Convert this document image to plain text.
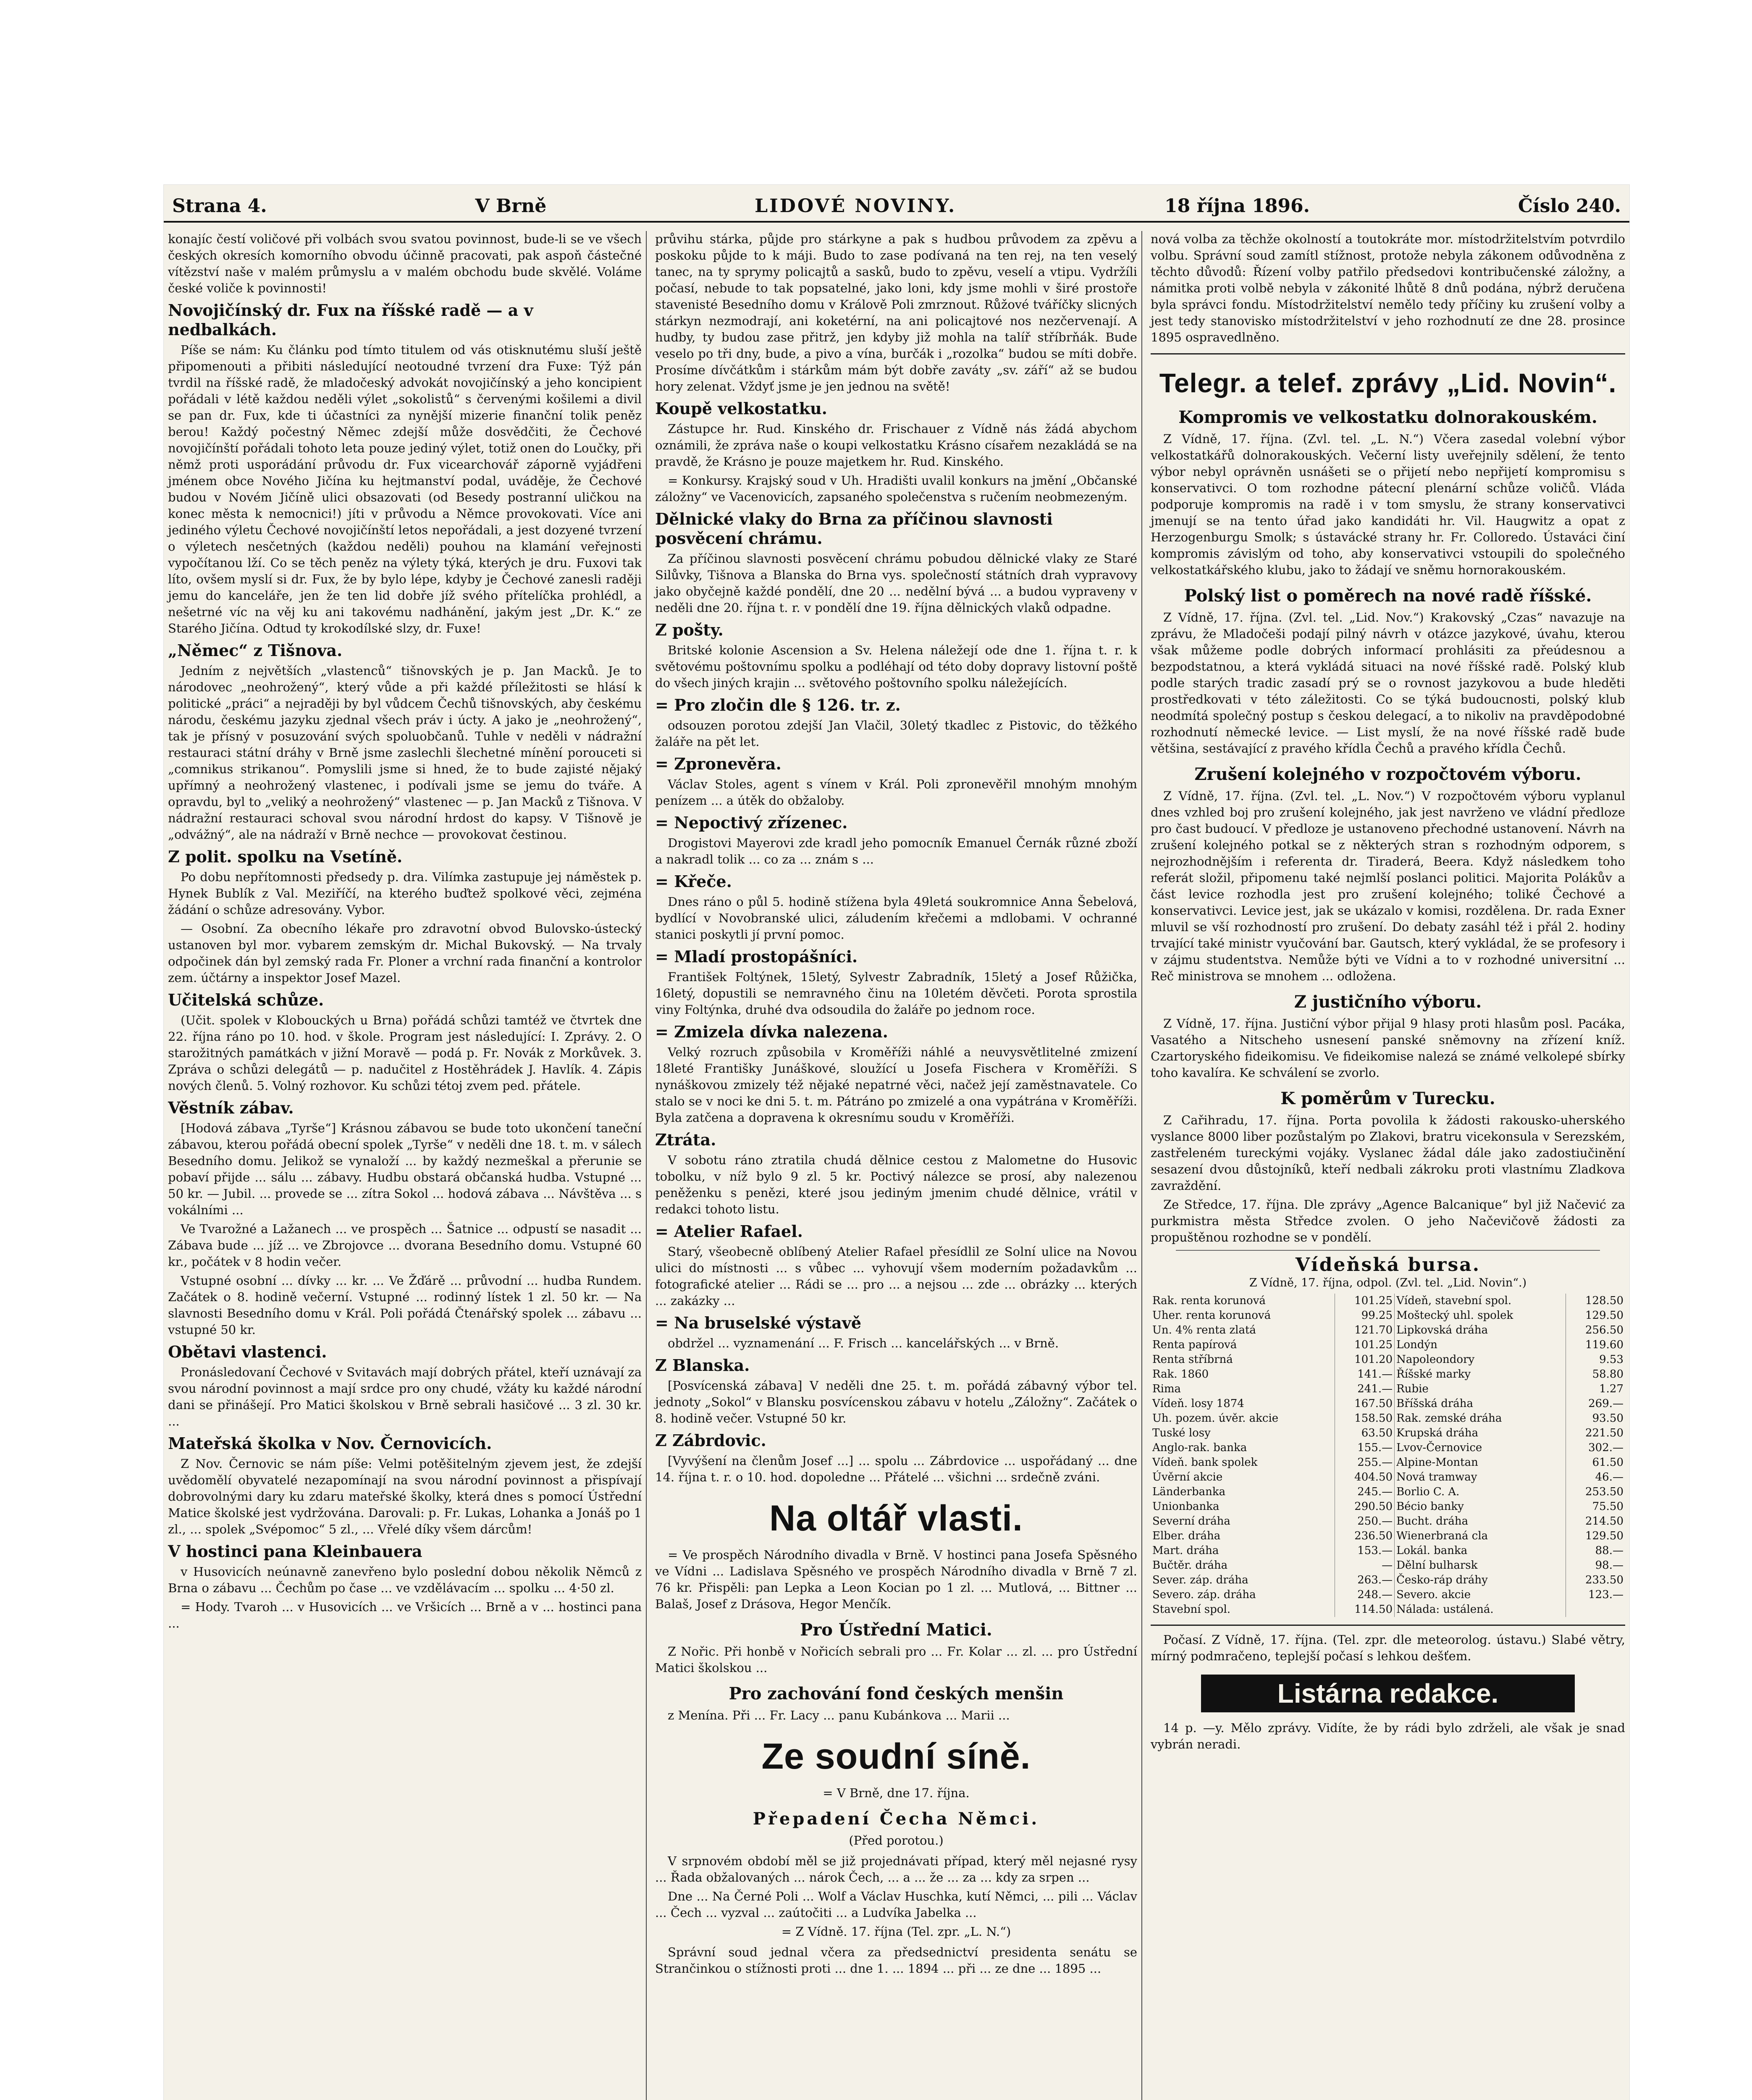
Strana 4.	V Brně	LIDOVÉ NOVINY.	18 října 1896.	Číslo 240.

konajíc čestí voličové při volbách svou svatou povinnost, bude-li se ve všech českých okresích komorního obvodu účinně pracovati, pak aspoň částečné vítězství naše v malém průmyslu a v malém obchodu bude skvělé. Voláme české voliče k povinnosti!

Novojičínský dr. Fux na říšské radě — a v nedbalkách.

Píše se nám: Ku článku pod tímto titulem od vás otisknutému sluší ještě připomenouti a přibiti následující neotoudné tvrzení dra Fuxe: Týž pán tvrdil na říšské radě, že mladočeský advokát novojičínský a jeho koncipient pořádali v létě každou neděli výlet „sokolistů“ s červenými košilemi a divil se pan dr. Fux, kde ti účastníci za nynější mizerie finanční tolik peněz berou! Každý počestný Němec zdejší může dosvědčiti, že Čechové novojičínští pořádali tohoto leta pouze jediný výlet, totiž onen do Loučky, při němž proti usporádání průvodu dr. Fux vicearchovář záporně vyjádřeni jménem obce Nového Jičína ku hejtmanství podal, uváděje, že Čechové budou v Novém Jičíně ulici obsazovati (od Besedy postranní uličkou na konec města k nemocnici!) jíti v průvodu a Němce provokovati. Více ani jediného výletu Čechové novojičínští letos nepořádali, a jest dozyené tvrzení o výletech nesčetných (každou neděli) pouhou na klamání veřejnosti vypočítanou lží. Co se těch peněz na výlety týká, kterých je dru. Fuxovi tak líto, ovšem myslí si dr. Fux, že by bylo lépe, kdyby je Čechové zanesli raději jemu do kanceláře, jen že ten lid dobře jíž svého přítelíčka prohlédl, a nešetrné víc na věj ku ani takovému nadhánění, jakým jest „Dr. K.“ ze Starého Jičína. Odtud ty krokodílské slzy, dr. Fuxe!

„Němec“ z Tišnova.

Jedním z největších „vlastenců“ tišnovských je p. Jan Macků. Je to národovec „neohrožený“, který vůde a při každé příležitosti se hlásí k politické „práci“ a nejraději by byl vůdcem Čechů tišnovských, aby českému národu, českému jazyku zjednal všech práv i úcty. A jako je „neohrožený“, tak je přísný v posuzování svých spoluobčanů. Tuhle v neděli v nádražní restauraci státní dráhy v Brně jsme zaslechli šlechetné mínění porouceti si „comnikus strikanou“. Pomyslili jsme si hned, že to bude zajisté nějaký upřímný a neohrožený vlastenec, i podívali jsme se jemu do tváře. A opravdu, byl to „veliký a neohrožený“ vlastenec — p. Jan Macků z Tišnova. V nádražní restauraci schoval svou národní hrdost do kapsy. V Tišnově je „odvážný“, ale na nádraží v Brně nechce — provokovat čestinou.

Z polit. spolku na Vsetíně.

Po dobu nepřítomnosti předsedy p. dra. Vilímka zastupuje jej náměstek p. Hynek Bublík z Val. Meziříčí, na kterého buďtež spolkové věci, zejména žádání o schůze adresovány. Vybor.

— Osobní. Za obecního lékaře pro zdravotní obvod Bulovsko-ústecký ustanoven byl mor. vybarem zemským dr. Michal Bukovský. — Na trvaly odpočinek dán byl zemský rada Fr. Ploner a vrchní rada finanční a kontrolor zem. účtárny a inspektor Josef Mazel.

Učitelská schůze.

(Učit. spolek v Klobouckých u Brna) pořádá schůzi tamtéž ve čtvrtek dne 22. října ráno po 10. hod. v škole. Program jest následující: I. Zprávy. 2. O starožitných památkách v jižní Moravě — podá p. Fr. Novák z Morkůvek. 3. Zpráva o schůzi delegátů — p. nadučitel z Hostěhrádek J. Havlík. 4. Zápis nových členů. 5. Volný rozhovor. Ku schůzi tétoj zvem ped. přátele.

Věstník zábav.

[Hodová zábava „Tyrše“] Krásnou zábavou se bude toto ukončení taneční zábavou, kterou pořádá obecní spolek „Tyrše“ v neděli dne 18. t. m. v sálech Besedního domu. Jelikož se vynaloží ... by každý nezmeškal a přerunie se pobaví přijde ... sálu ... zábavy. Hudbu obstará občanská hudba. Vstupné ... 50 kr. — Jubil. ... provede se ... zítra Sokol ... hodová zábava ... Návštěva ... s vokálními ...

Ve Tvarožné a Lažanech ... ve prospěch ... Šatnice ... odpustí se nasadit ... Zábava bude ... jíž ... ve Zbrojovce ... dvorana Besedního domu. Vstupné 60 kr., počátek v 8 hodin večer.

Vstupné osobní ... dívky ... kr. ... Ve Žďárě ... průvodní ... hudba Rundem. Začátek o 8. hodině večerní. Vstupné ... rodinný lístek 1 zl. 50 kr. — Na slavnosti Besedního domu v Král. Poli pořádá Čtenářský spolek ... zábavu ... vstupné 50 kr.

Obětavi vlastenci.

Pronásledovaní Čechové v Svitavách mají dobrých přátel, kteří uznávají za svou národní povinnost a mají srdce pro ony chudé, vžáty ku každé národní dani se přinášejí. Pro Matici školskou v Brně sebrali hasičové ... 3 zl. 30 kr. ...

Mateřská školka v Nov. Černovicích.

Z Nov. Černovic se nám píše: Velmi potěšitelným zjevem jest, že zdejší uvědomělí obyvatelé nezapomínají na svou národní povinnost a přispívají dobrovolnými dary ku zdaru mateřské školky, která dnes s pomocí Ústřední Matice školské jest vydržována. Darovali: p. Fr. Lukas, Lohanka a Jonáš po 1 zl., ... spolek „Svépomoc“ 5 zl., ... Vřelé díky všem dárcům!

V hostinci pana Kleinbauera

v Husovicích neúnavně zanevřeno bylo poslední dobou několik Němců z Brna o zábavu ... Čechům po čase ... ve vzdělávacím ... spolku ... 4·50 zl.

= Hody. Tvaroh ... v Husovicích ... ve Vršicích ... Brně a v ... hostinci pana ...

průvihu stárka, půjde pro stárkyne a pak s hudbou průvodem za zpěvu a poskoku půjde to k máji. Budo to zase podívaná na ten rej, na ten veselý tanec, na ty sprymy policajtů a sasků, budo to zpěvu, veselí a vtipu. Vydržíli počasí, nebude to tak popsatelné, jako loni, kdy jsme mohli v širé prostoře stavenisté Besedního domu v Králově Poli zmrznout. Růžové tváříčky slicných stárkyn nezmodrají, ani koketérní, na ani policajtové nos nezčervenají. A hudby, ty budou zase přitrž, jen kdyby již mohla na talíř stříbrňák. Bude veselo po tři dny, bude, a pivo a vína, burčák i „rozolka“ budou se míti dobře. Prosíme dívčátkům i stárkům mám být dobře zaváty „sv. září“ až se budou hory zelenat. Vždyť jsme je jen jednou na světě!

Koupě velkostatku.

Zástupce hr. Rud. Kinského dr. Frischauer z Vídně nás žádá abychom oznámili, že zpráva naše o koupi velkostatku Krásno císařem nezakládá se na pravdě, že Krásno je pouze majetkem hr. Rud. Kinského.

= Konkursy. Krajský soud v Uh. Hradišti uvalil konkurs na jmění „Občanské záložny“ ve Vacenovicích, zapsaného společenstva s ručením neobmezeným.

Dělnické vlaky do Brna za příčinou slavnosti posvěcení chrámu.

Za příčinou slavnosti posvěcení chrámu pobudou dělnické vlaky ze Staré Silůvky, Tišnova a Blanska do Brna vys. společností státních drah vypravovy jako obyčejně každé pondělí, dne 20 ... nedělní bývá ... a budou vypraveny v neděli dne 20. října t. r. v pondělí dne 19. října dělnických vlaků odpadne.

Z pošty.

Britské kolonie Ascension a Sv. Helena náležejí ode dne 1. října t. r. k světovému poštovnímu spolku a podléhají od této doby dopravy listovní poště do všech jiných krajin ... světového poštovního spolku náležejících.

= Pro zločin dle § 126. tr. z.

odsouzen porotou zdejší Jan Vlačil, 30letý tkadlec z Pistovic, do těžkého žaláře na pět let.

= Zpronevěra.

Václav Stoles, agent s vínem v Král. Poli zpronevěřil mnohým mnohým penízem ... a útěk do obžaloby.

= Nepoctivý zřízenec.

Drogistovi Mayerovi zde kradl jeho pomocník Emanuel Černák různé zboží a nakradl tolik ... co za ... znám s ...

= Křeče.

Dnes ráno o půl 5. hodině stížena byla 49letá soukromnice Anna Šebelová, bydlící v Novobranské ulici, záludením křečemi a mdlobami. V ochranné stanici poskytli jí první pomoc.

= Mladí prostopášníci.

František Foltýnek, 15letý, Sylvestr Zabradník, 15letý a Josef Růžička, 16letý, dopustili se nemravného činu na 10letém děvčeti. Porota sprostila viny Foltýnka, druhé dva odsoudila do žaláře po jednom roce.

= Zmizela dívka nalezena.

Velký rozruch způsobila v Kroměříži náhlé a neuvysvětlitelné zmizení 18leté Františky Junáškové, sloužící u Josefa Fischera v Kroměříži. S nynáškovou zmizely též nějaké nepatrné věci, načež její zaměstnavatele. Co stalo se v noci ke dni 5. t. m. Pátráno po zmizelé a ona vypátrána v Kroměříži. Byla zatčena a dopravena k okresnímu soudu v Kroměříži.

Ztráta.

V sobotu ráno ztratila chudá dělnice cestou z Malometne do Husovic tobolku, v níž bylo 9 zl. 5 kr. Poctivý nálezce se prosí, aby nalezenou peněženku s penězi, které jsou jediným jmenim chudé dělnice, vrátil v redakci tohoto listu.

= Atelier Rafael.

Starý, všeobecně oblíbený Atelier Rafael přesídlil ze Solní ulice na Novou ulici do místnosti ... s vůbec ... vyhovují všem moderním požadavkům ... fotografické atelier ... Rádi se ... pro ... a nejsou ... zde ... obrázky ... kterých ... zakázky ...

= Na bruselské výstavě

obdržel ... vyznamenání ... F. Frisch ... kancelářských ... v Brně.

Z Blanska.

[Posvícenská zábava] V neděli dne 25. t. m. pořádá zábavný výbor tel. jednoty „Sokol“ v Blansku posvícenskou zábavu v hotelu „Záložny“. Začátek o 8. hodině večer. Vstupné 50 kr.

Z Zábrdovic.

[Vyvýšení na členům Josef ...] ... spolu ... Zábrdovice ... uspořádaný ... dne 14. října t. r. o 10. hod. dopoledne ... Přátelé ... všichni ... srdečně zváni.

Na oltář vlasti.

= Ve prospěch Národního divadla v Brně. V hostinci pana Josefa Spěsného ve Vídni ... Ladislava Spěsného ve prospěch Národního divadla v Brně 7 zl. 76 kr. Přispěli: pan Lepka a Leon Kocian po 1 zl. ... Mutlová, ... Bittner ... Balaš, Josef z Drásova, Hegor Menčík.

Pro Ústřední Matici.

Z Nořic. Při honbě v Nořicích sebrali pro ... Fr. Kolar ... zl. ... pro Ústřední Matici školskou ...

Pro zachování fond českých menšin

z Menína. Při ... Fr. Lacy ... panu Kubánkova ... Marii ...

Ze soudní síně.
= V Brně, dne 17. října.
Přepadení Čecha Němci.
(Před porotou.)

V srpnovém období měl se již projednávati případ, který měl nejasné rysy ... Řada obžalovaných ... nárok Čech, ... a ... že ... za ... kdy za srpen ...

Dne ... Na Černé Poli ... Wolf a Václav Huschka, kutí Němci, ... pili ... Václav ... Čech ... vyzval ... zaútočiti ... a Ludvíka Jabelka ...

= Z Vídně. 17. října (Tel. zpr. „L. N.“)

Správní soud jednal včera za předsednictví presidenta senátu se Strančinkou o stížnosti proti ... dne 1. ... 1894 ... při ... ze dne ... 1895 ...

nová volba za těchže okolností a toutokráte mor. místodržitelstvím potvrdilo volbu. Správní soud zamítl stížnost, protože nebyla zákonem odůvodněna z těchto důvodů: Řízení volby patřilo předsedovi kontribučenské záložny, a námitka proti volbě nebyla v zákonité lhůtě 8 dnů podána, nýbrž deručena byla správci fondu. Místodržitelství nemělo tedy příčiny ku zrušení volby a jest tedy stanovisko místodržitelství v jeho rozhodnutí ze dne 28. prosince 1895 ospravedlněno.

Telegr. a telef. zprávy „Lid. Novin“.
Kompromis ve velkostatku dolnorakouském.

Z Vídně, 17. října. (Zvl. tel. „L. N.“) Včera zasedal volební výbor velkostatkářů dolnorakouských. Večerní listy uveřejnily sdělení, že tento výbor nebyl oprávněn usnášeti se o přijetí nebo nepřijetí kompromisu s konservativci. O tom rozhodne pátecní plenární schůze voličů. Vláda podporuje kompromis na radě i v tom smyslu, že strany konservativci jmenují se na tento úřad jako kandidáti hr. Vil. Haugwitz a opat z Herzogenburgu Smolk; s ústavácké strany hr. Fr. Colloredo. Ústaváci činí kompromis závislým od toho, aby konservativci vstoupili do společného velkostatkářského klubu, jako to žádají ve sněmu hornorakouském.

Polský list o poměrech na nové radě říšské.

Z Vídně, 17. října. (Zvl. tel. „Lid. Nov.“) Krakovský „Czas“ navazuje na zprávu, že Mladočeši podají pilný návrh v otázce jazykové, úvahu, kterou však můžeme podle dobrých informací prohlásiti za přeúdesnou a bezpodstatnou, a která vykládá situaci na nové říšské radě. Polský klub podle starých tradic zasadí prý se o rovnost jazykovou a bude hleděti prostředkovati v této záležitosti. Co se týká budoucnosti, polský klub neodmítá společný postup s českou delegací, a to nikoliv na pravděpodobné rozhodnutí německé levice. — List myslí, že na nové říšské radě bude většina, sestávající z pravého křídla Čechů a pravého křídla Čechů.

Zrušení kolejného v rozpočtovém výboru.

Z Vídně, 17. října. (Zvl. tel. „L. Nov.“) V rozpočtovém výboru vyplanul dnes vzhled boj pro zrušení kolejného, jak jest navrženo ve vládní předloze pro čast budoucí. V předloze je ustanoveno přechodné ustanovení. Návrh na zrušení kolejného potkal se z některých stran s rozhodným odporem, s nejrozhodnějším i referenta dr. Tiraderá, Beera. Když následkem toho referát složil, připomenu také nejmlší poslanci politici. Majorita Polákův a část levice rozhodla jest pro zrušení kolejného; toliké Čechové a konservativci. Levice jest, jak se ukázalo v komisi, rozdělena. Dr. rada Exner mluvil se vší rozhodností pro zrušení. Do debaty zasáhl též i přál 2. hodiny trvající také ministr vyučování bar. Gautsch, který vykládal, že se profesory i v zájmu studentstva. Nemůže býti ve Vídni a to v rozhodné universitní ... Reč ministrova se mnohem ... odložena.

Z justičního výboru.

Z Vídně, 17. října. Justiční výbor přijal 9 hlasy proti hlasům posl. Pacáka, Vasatého a Nitscheho usnesení panské sněmovny na zřízení kníž. Czartoryského fideikomisu. Ve fideikomise nalezá se známé velkolepé sbírky toho kavalíra. Ke schválení se zvorlo.

K poměrům v Turecku.

Z Cařihradu, 17. října. Porta povolila k žádosti rakousko-uherského vyslance 8000 liber pozůstalým po Zlakovi, bratru vicekonsula v Serezském, zastřeleném tureckými vojáky. Vyslanec žádal dále jako zadostiučinění sesazení dvou důstojníků, kteří nedbali zákroku proti vlastnímu Zladkova zavraždění.

Ze Středce, 17. října. Dle zprávy „Agence Balcanique“ byl již Načević za purkmistra města Středce zvolen. O jeho Načevičově žádosti za propuštěnou rozhodne se v pondělí.

Vídeňská bursa.
Z Vídně, 17. října, odpol. (Zvl. tel. „Lid. Novin“.)
Rak. renta korunová	101.25	Vídeň, stavební spol.	128.50
Uher. renta korunová	99.25	Moštecký uhl. spolek	129.50
Un. 4% renta zlatá	121.70	Lipkovská dráha	256.50
Renta papírová	101.25	Londýn	119.60
Renta stříbrná	101.20	Napoleondory	9.53
Rak. 1860	141.—	Říšské marky	58.80
Rima	241.—	Rubie	1.27
Vídeň. losy 1874	167.50	Bříšská dráha	269.—
Uh. pozem. úvěr. akcie	158.50	Rak. zemské dráha	93.50
Tuské losy	63.50	Krupská dráha	221.50
Anglo-rak. banka	155.—	Lvov-Černovice	302.—
Vídeň. bank spolek	255.—	Alpine-Montan	61.50
Úvěrní akcie	404.50	Nová tramway	46.—
Länderbanka	245.—	Borlio C. A.	253.50
Unionbanka	290.50	Bécio banky	75.50
Severní dráha	250.—	Bucht. dráha	214.50
Elber. dráha	236.50	Wienerbraná cla	129.50
Mart. dráha	153.—	Lokál. banka	88.—
Bučtěr. dráha	—	Dělní bulharsk	98.—
Sever. záp. dráha	263.—	Česko-ráp dráhy	233.50
Severo. záp. dráha	248.—	Severo. akcie	123.—
Stavební spol.	114.50	Nálada: ustálená.	

Počasí. Z Vídně, 17. října. (Tel. zpr. dle meteorolog. ústavu.) Slabé větry, mírný podmračeno, teplejší počasí s lehkou dešťem.

Listárna redakce.

14 p. —y. Mělo zprávy. Vidíte, že by rádi bylo zdrželi, ale však je snad vybrán neradi.
